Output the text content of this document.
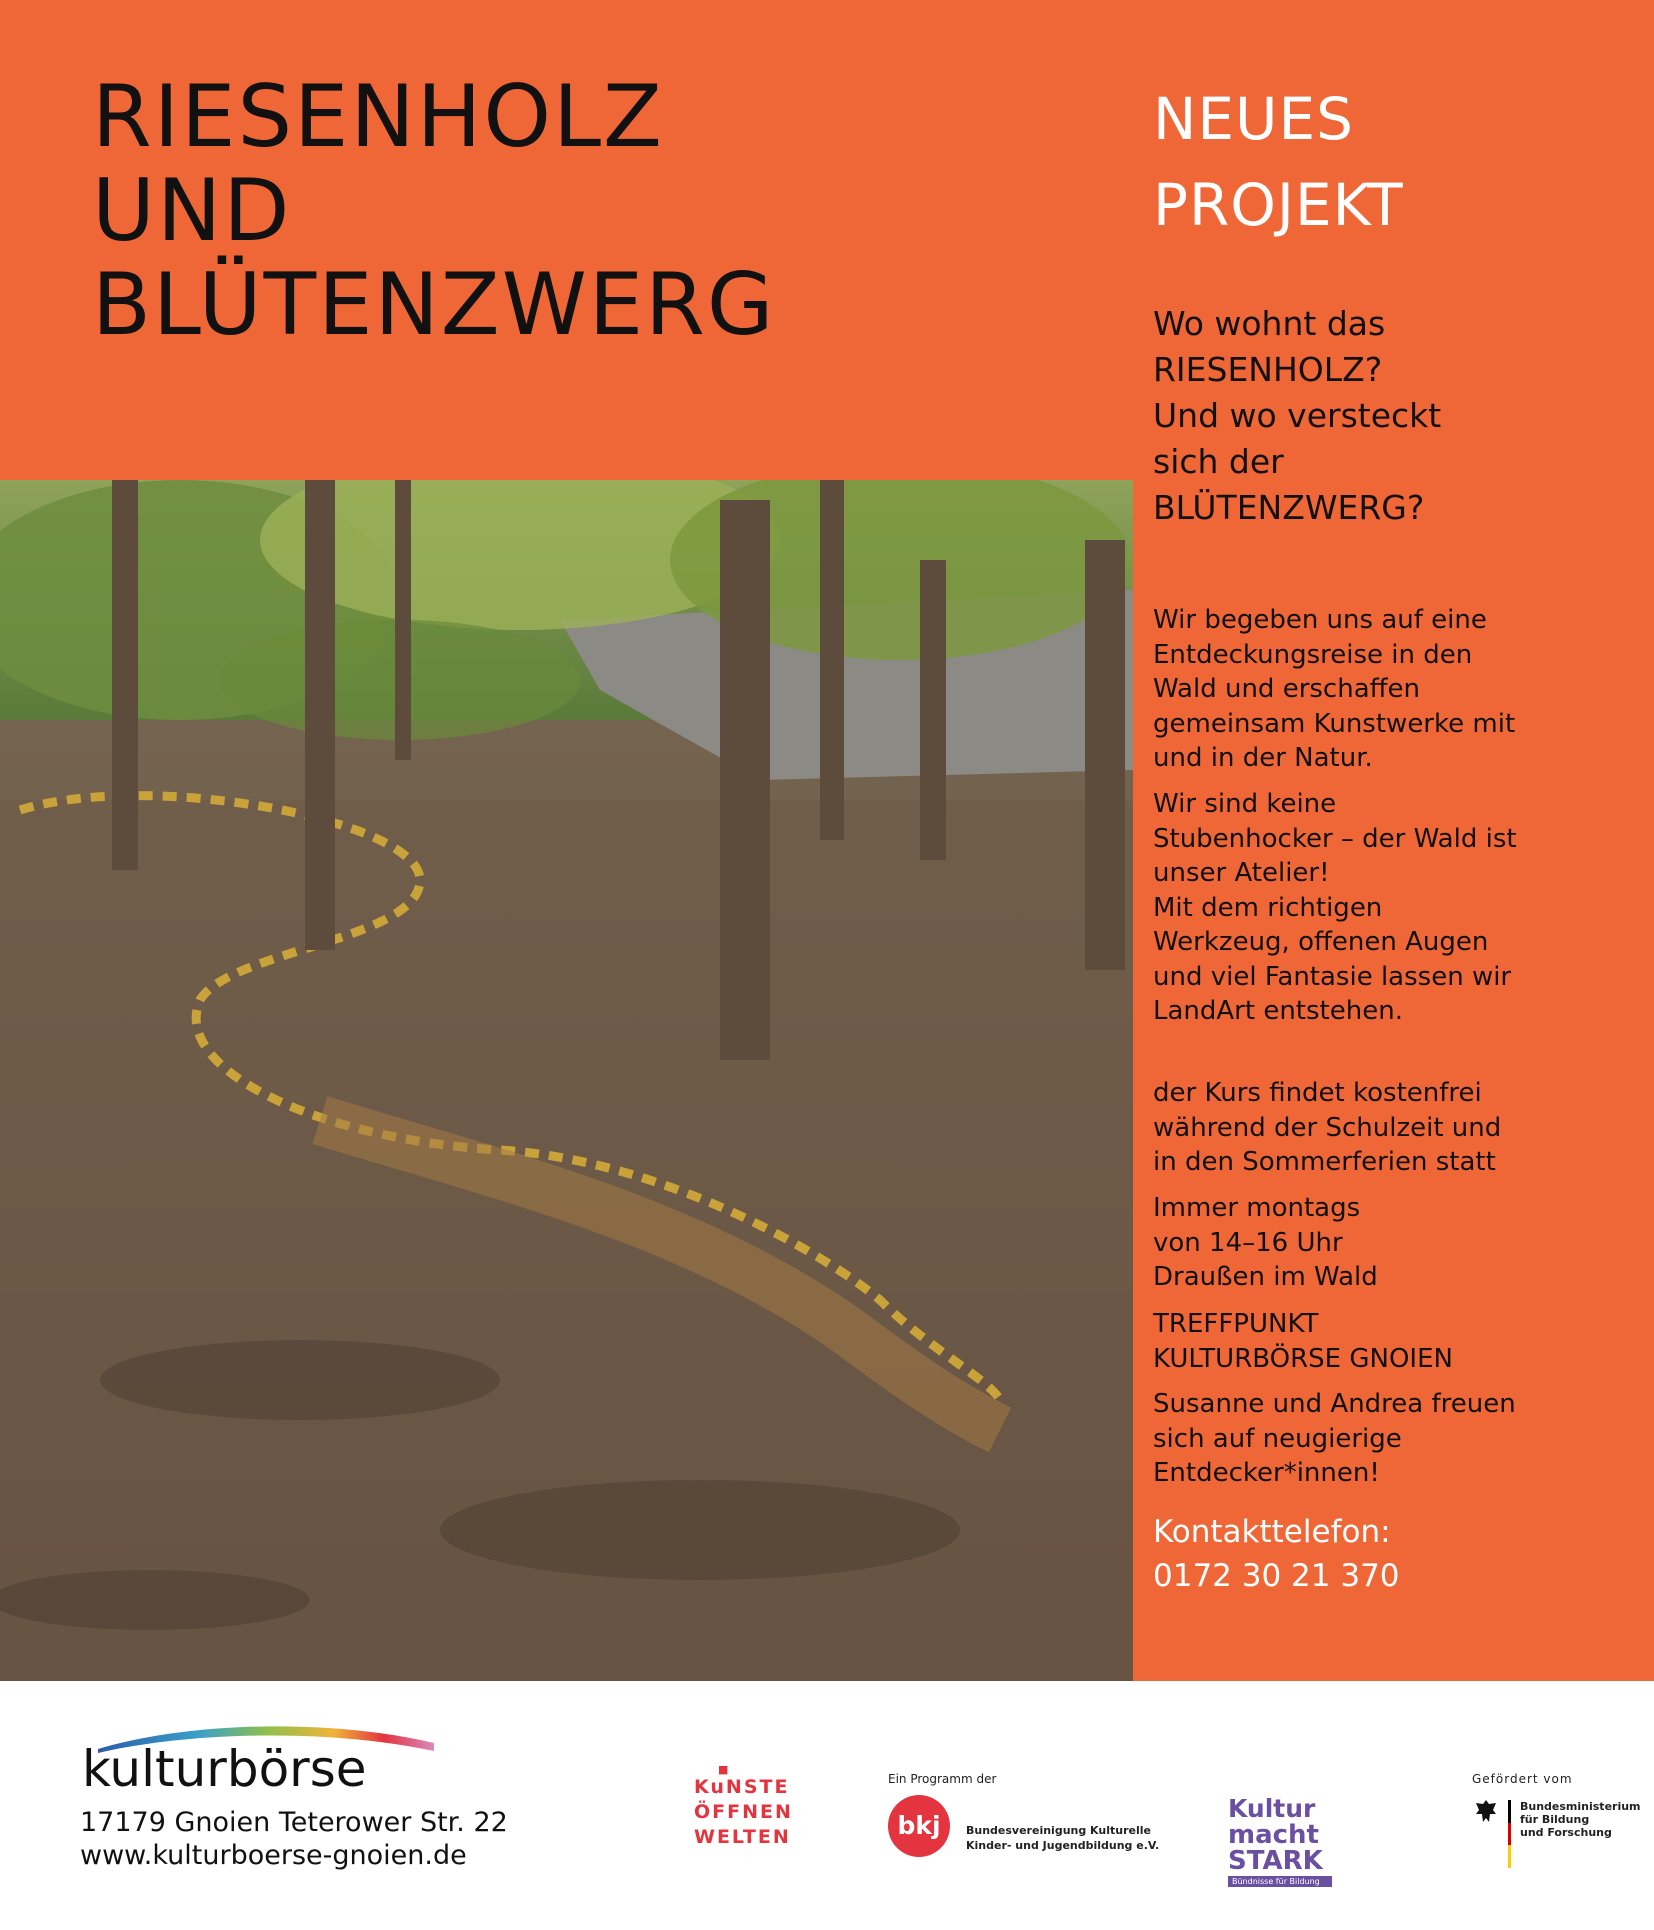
RIESENHOLZ
UND
BLÜTENZWERG
NEUES
PROJEKT
Wo wohnt das
RIESENHOLZ?
Und wo versteckt
sich der
BLÜTENZWERG?
Wir begeben uns auf eine
Entdeckungsreise in den
Wald und erschaffen
gemeinsam Kunstwerke mit
und in der Natur.
Wir sind keine
Stubenhocker – der Wald ist
unser Atelier!
Mit dem richtigen
Werkzeug, offenen Augen
und viel Fantasie lassen wir
LandArt entstehen.
der Kurs findet kostenfrei
während der Schulzeit und
in den Sommerferien statt
Immer montags
von 14–16 Uhr
Draußen im Wald
TREFFPUNKT
KULTURBÖRSE GNOIEN
Susanne und Andrea freuen
sich auf neugierige
Entdecker*innen!
Kontakttelefon:
0172 30 21 370
kulturbörse
17179 Gnoien Teterower Str. 22
www.kulturboerse-gnoien.de
■
KuNSTE
ÖFFNEN
WELTEN
Ein Programm der
bkj	Bundesvereinigung Kulturelle
Kinder- und Jugendbildung e.V.
Kultur
macht STARK
Bündnisse für Bildung
Gefördert vom
Bundesministerium
für Bildung
und Forschung
